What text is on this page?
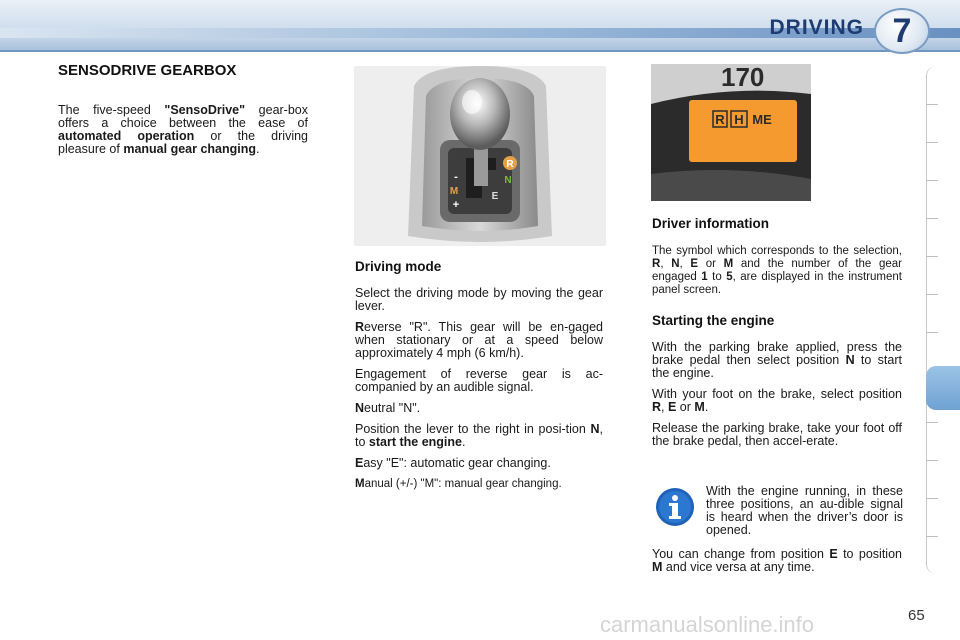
DRIVING 7
SENSODRIVE GEARBOX

The five-speed "SensoDrive" gear-box offers a choice between the ease of automated operation or the driving pleasure of manual gear changing.

R
N
E
M
-
+
Driving mode

Select the driving mode by moving the gear lever.

Reverse "R". This gear will be en-gaged when stationary or at a speed below approximately 4 mph (6 km/h).

Engagement of reverse gear is ac-companied by an audible signal.

Neutral "N".

Position the lever to the right in posi-tion N, to start the engine.

Easy "E": automatic gear changing.

Manual (+/-) "M": manual gear changing.

170
R H ME
Driver information

The symbol which corresponds to the selection, R, N, E or M and the number of the gear engaged 1 to 5, are displayed in the instrument panel screen.

Starting the engine

With the parking brake applied, press the brake pedal then select position N to start the engine.

With your foot on the brake, select position R, E or M.

Release the parking brake, take your foot off the brake pedal, then accel-erate.

With the engine running, in these three positions, an au-dible signal is heard when the driver’s door is opened.

You can change from position E to position M and vice versa at any time.

carmanualsonline.info	65
